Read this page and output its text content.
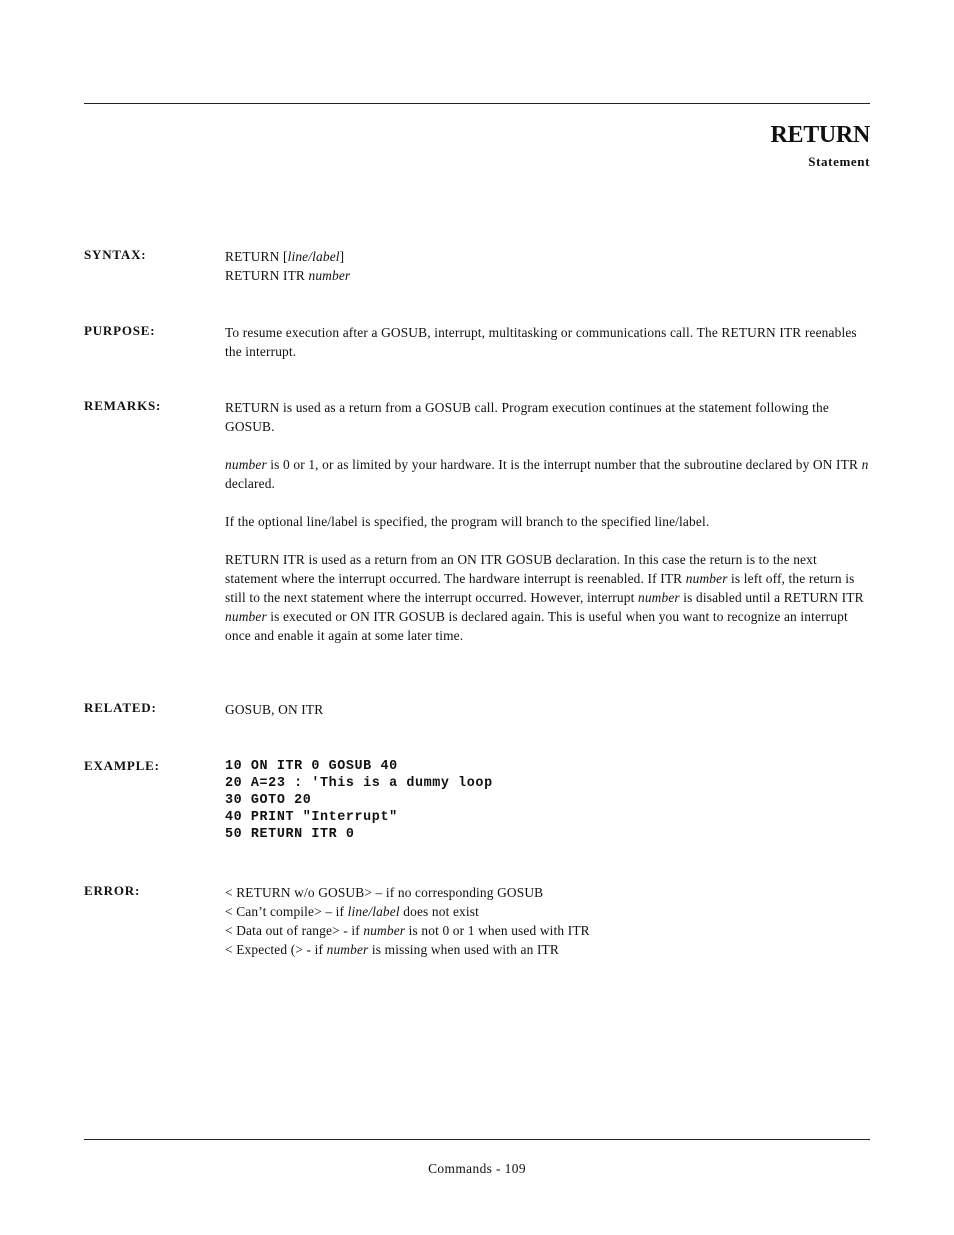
RETURN
Statement
SYNTAX:	RETURN [line/label]
RETURN ITR number
PURPOSE:	To resume execution after a GOSUB, interrupt, multitasking or communications call. The RETURN ITR reenables the interrupt.

REMARKS:	RETURN is used as a return from a GOSUB call. Program execution continues at the statement following the GOSUB.

number is 0 or 1, or as limited by your hardware. It is the interrupt number that the subroutine declared by ON ITR n declared.

If the optional line/label is specified, the program will branch to the specified line/label.

RETURN ITR is used as a return from an ON ITR GOSUB declaration. In this case the return is to the next statement where the interrupt occurred. The hardware interrupt is reenabled. If ITR number is left off, the return is still to the next statement where the interrupt occurred. However, interrupt number is disabled until a RETURN ITR number is executed or ON ITR GOSUB is declared again. This is useful when you want to recognize an interrupt once and enable it again at some later time.

RELATED:	GOSUB, ON ITR

EXAMPLE:	10 ON ITR 0 GOSUB 40
20 A=23 : 'This is a dummy loop
30 GOTO 20
40 PRINT "Interrupt"
50 RETURN ITR 0
ERROR:	< RETURN w/o GOSUB> – if no corresponding GOSUB
< Can’t compile> – if line/label does not exist
< Data out of range> - if number is not 0 or 1 when used with ITR
< Expected (> - if number is missing when used with an ITR
Commands - 109
